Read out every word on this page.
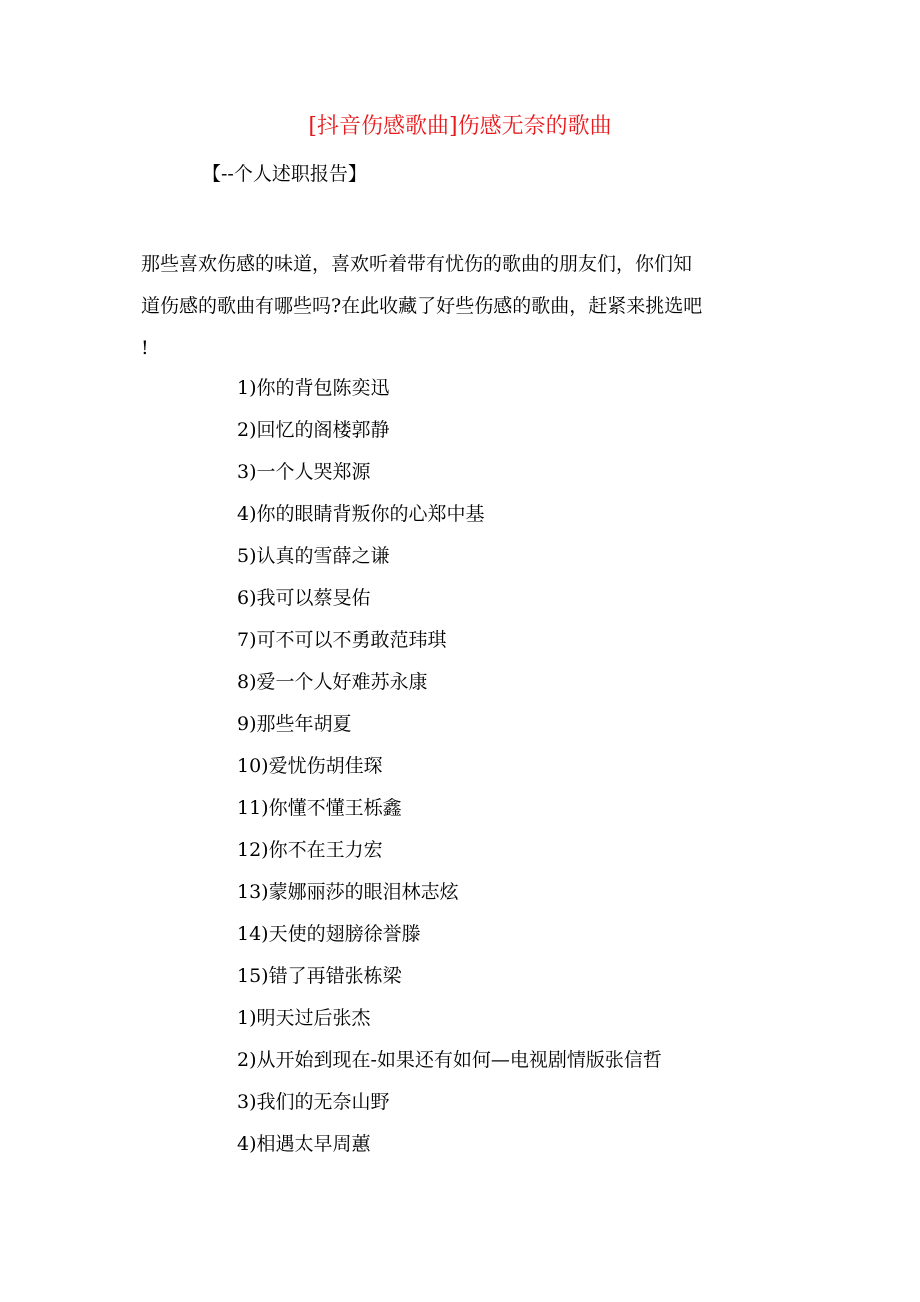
[抖音伤感歌曲]伤感无奈的歌曲
【--个人述职报告】

那些喜欢伤感的味道，喜欢听着带有忧伤的歌曲的朋友们，你们知

道伤感的歌曲有哪些吗?在此收藏了好些伤感的歌曲，赶紧来挑选吧

!

1)你的背包陈奕迅
2)回忆的阁楼郭静
3)一个人哭郑源
4)你的眼睛背叛你的心郑中基
5)认真的雪薛之谦
6)我可以蔡旻佑
7)可不可以不勇敢范玮琪
8)爱一个人好难苏永康
9)那些年胡夏
10)爱忧伤胡佳琛
11)你懂不懂王栎鑫
12)你不在王力宏
13)蒙娜丽莎的眼泪林志炫
14)天使的翅膀徐誉滕
15)错了再错张栋梁
1)明天过后张杰
2)从开始到现在-如果还有如何—电视剧情版张信哲
3)我们的无奈山野
4)相遇太早周蕙
